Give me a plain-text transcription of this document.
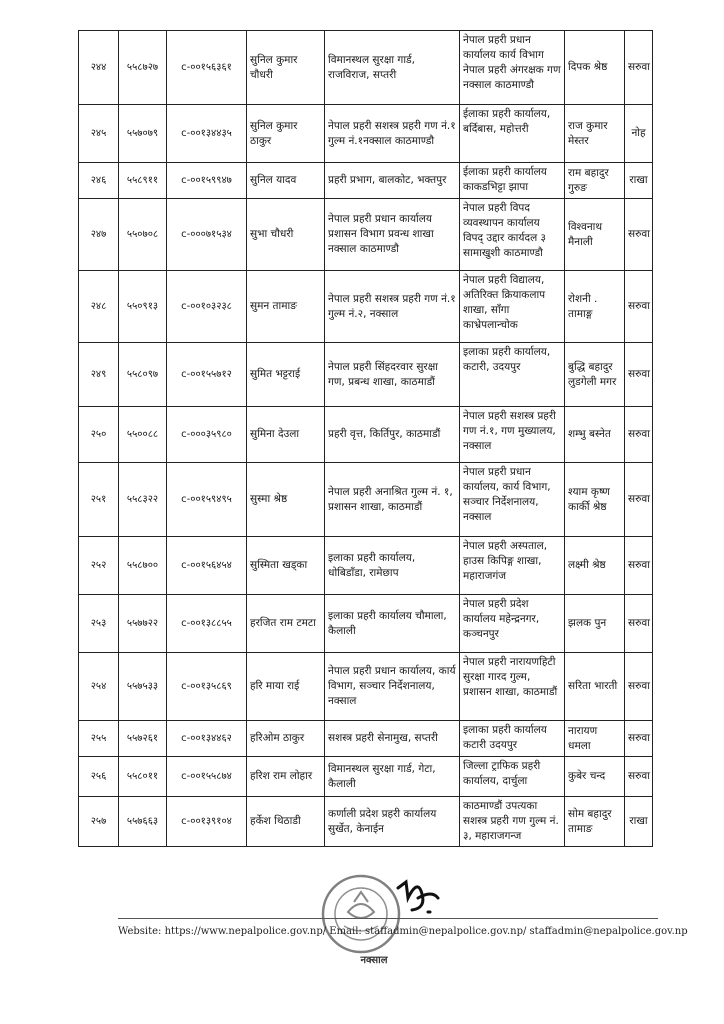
२४४	५५८७२७	c-००१५६३६१	सुनिल कुमार चौधरी	विमानस्थल सुरक्षा गार्ड, राजविराज, सप्तरी	नेपाल प्रहरी प्रधान कार्यालय कार्य विभाग नेपाल प्रहरी अंगरक्षक गण नक्साल काठमाण्डौ	दिपक श्रेष्ठ	सरुवा
२४५	५५७०७९	c-००१३४४३५	सुनिल कुमार ठाकुर	नेपाल प्रहरी सशस्त्र प्रहरी गण नं.१ गुल्म नं.१नक्साल काठमाण्डौ	ईलाका प्रहरी कार्यालय, बर्दिबास, महोत्तरी	राज कुमार मेस्तर	नोह
२४६	५५८९११	c-००१५९९४७	सुनिल यादव	प्रहरी प्रभाग, बालकोट, भक्तपुर	ईलाका प्रहरी कार्यालय काकडभिट्टा झापा	राम बहादुर गुरुङ	राखा
२४७	५५०७०८	c-०००७१५३४	सुभा चौधरी	नेपाल प्रहरी प्रधान कार्यालय प्रशासन विभाग प्रवन्ध शाखा नक्साल काठमाण्डौ	नेपाल प्रहरी विपद व्यवस्थापन कार्यालय विपद् उद्दार कार्यदल ३ सामाखुशी काठमाण्डौ	विश्वनाथ मैनाली	सरुवा
२४८	५५०९१३	c-००१०३२३८	सुमन तामाङ	नेपाल प्रहरी सशस्त्र प्रहरी गण नं.१ गुल्म नं.२, नक्साल	नेपाल प्रहरी विद्यालय, अतिरिक्त क्रियाकलाप शाखा, साँगा काभ्रेपलान्चोक	रोशनी . तामाङ्ग	सरुवा
२४९	५५८०९७	c-००१५५७१२	सुमित भट्टराई	नेपाल प्रहरी सिंहदरवार सुरक्षा गण, प्रबन्ध शाखा, काठमाडौं	इलाका प्रहरी कार्यालय, कटारी, उदयपुर	बुद्धि बहादुर लुडगेली मगर	सरुवा
२५०	५५००८८	c-०००३५९८०	सुमिना देउला	प्रहरी वृत्त, किर्तिपुर, काठमाडौं	नेपाल प्रहरी सशस्त्र प्रहरी गण नं.१, गण मुख्यालय, नक्साल	शम्भु बस्नेत	सरुवा
२५१	५५८३२२	c-००१५९४९५	सुस्मा श्रेष्ठ	नेपाल प्रहरी अनाश्रित गुल्म नं. १, प्रशासन शाखा, काठमाडौं	नेपाल प्रहरी प्रधान कार्यालय, कार्य विभाग, सञ्चार निर्देशनालय, नक्साल	श्याम कृष्ण कार्की श्रेष्ठ	सरुवा
२५२	५५८७००	c-००१५६४५४	सुस्मिता खड्का	इलाका प्रहरी कार्यालय, धोबिडाँडा, रामेछाप	नेपाल प्रहरी अस्पताल, हाउस किपिङ्ग शाखा, महाराजगंज	लक्ष्मी श्रेष्ठ	सरुवा
२५३	५५७७२२	c-००१३८८५५	हरजित राम टमटा	इलाका प्रहरी कार्यालय चौमाला, कैलाली	नेपाल प्रहरी प्रदेश कार्यालय महेन्द्रनगर, कञ्चनपुर	झलक पुन	सरुवा
२५४	५५७५३३	c-००१३५८६९	हरि माया राई	नेपाल प्रहरी प्रधान कार्यालय, कार्य विभाग, सञ्चार निर्देशनालय, नक्साल	नेपाल प्रहरी नारायणहिटी सुरक्षा गारद गुल्म, प्रशासन शाखा, काठमाडौं	सरिता भारती	सरुवा
२५५	५५७२६१	c-००१३४४६२	हरिओम ठाकुर	सशस्त्र प्रहरी सेनामुख, सप्तरी	इलाका प्रहरी कार्यालय कटारी उदयपुर	नारायण धमला	सरुवा
२५६	५५८०११	c-००१५५८७४	हरिश राम लोहार	विमानस्थल सुरक्षा गार्ड, गेटा, कैलाली	जिल्ला ट्राफिक प्रहरी कार्यालय, दार्चुला	कुबेर चन्द	सरुवा
२५७	५५७६६३	c-००१३९१०४	हर्केश थिठाडी	कर्णाली प्रदेश प्रहरी कार्यालय सुर्खेत, केनाईन	काठमाण्डौं उपत्यका सशस्त्र प्रहरी गण गुल्म नं. ३, महाराजगन्ज	सोम बहादुर तामाङ	राखा
Website: https://www.nepalpolice.gov.np/ Email: staffadmin@nepalpolice.gov.np/ staffadmin@nepalpolice.gov.np
नक्साल
